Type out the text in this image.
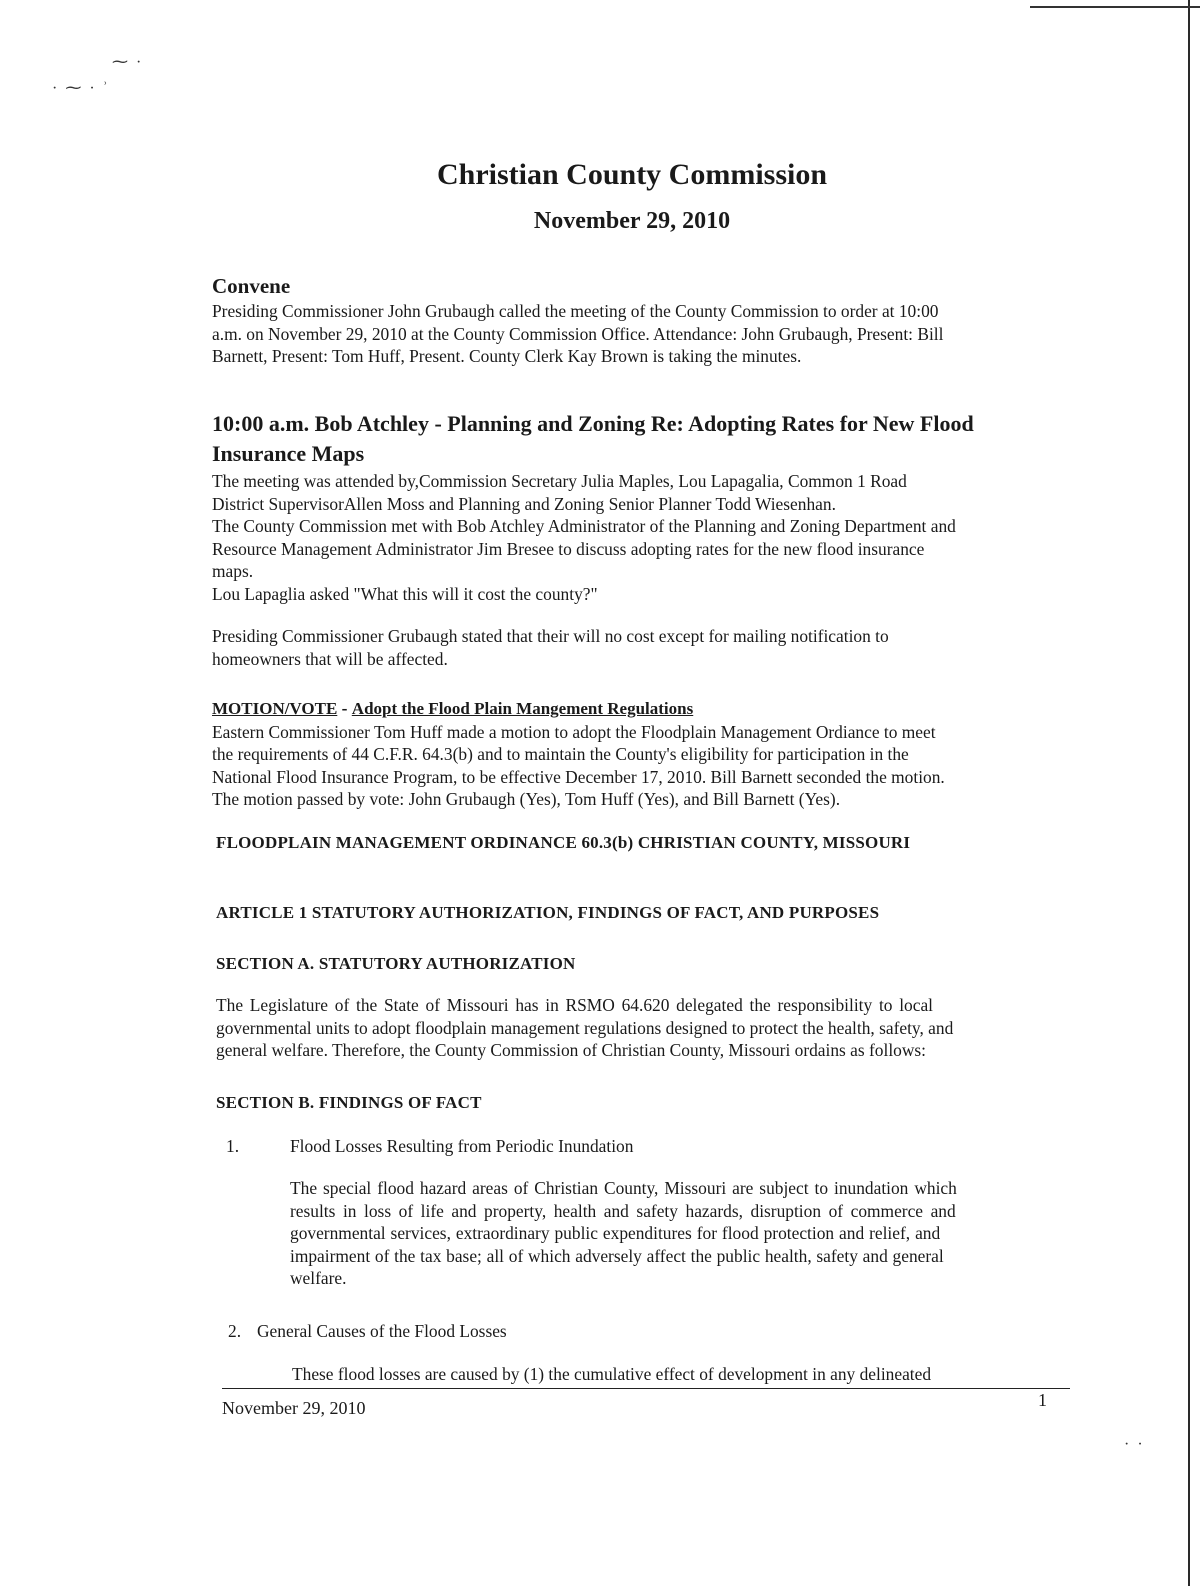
⁓ ·
· ⁓ · ʾ
· ·
Christian County Commission
November 29, 2010
Convene
Presiding Commissioner John Grubaugh called the meeting of the County Commission to order at 10:00
a.m. on November 29, 2010 at the County Commission Office. Attendance: John Grubaugh, Present: Bill
Barnett, Present: Tom Huff, Present. County Clerk Kay Brown is taking the minutes.
10:00 a.m. Bob Atchley - Planning and Zoning Re: Adopting Rates for New Flood
Insurance Maps
The meeting was attended by,Commission Secretary Julia Maples, Lou Lapagalia, Common 1 Road
District SupervisorAllen Moss and Planning and Zoning Senior Planner Todd Wiesenhan.
The County Commission met with Bob Atchley Administrator of the Planning and Zoning Department and
Resource Management Administrator Jim Bresee to discuss adopting rates for the new flood insurance
maps.
Lou Lapaglia asked "What this will it cost the county?"
Presiding Commissioner Grubaugh stated that their will no cost except for mailing notification to
homeowners that will be affected.
MOTION/VOTE - Adopt the Flood Plain Mangement Regulations
Eastern Commissioner Tom Huff made a motion to adopt the Floodplain Management Ordiance to meet
the requirements of 44 C.F.R. 64.3(b) and to maintain the County's eligibility for participation in the
National Flood Insurance Program, to be effective December 17, 2010. Bill Barnett seconded the motion.
The motion passed by vote: John Grubaugh (Yes), Tom Huff (Yes), and Bill Barnett (Yes).
FLOODPLAIN MANAGEMENT ORDINANCE 60.3(b) CHRISTIAN COUNTY, MISSOURI
ARTICLE 1 STATUTORY AUTHORIZATION, FINDINGS OF FACT, AND PURPOSES
SECTION A. STATUTORY AUTHORIZATION
The Legislature of the State of Missouri has in RSMO 64.620 delegated the responsibility to local
governmental units to adopt floodplain management regulations designed to protect the health, safety, and
general welfare. Therefore, the County Commission of Christian County, Missouri ordains as follows:
SECTION B. FINDINGS OF FACT
1.	Flood Losses Resulting from Periodic Inundation
The special flood hazard areas of Christian County, Missouri are subject to inundation which
results in loss of life and property, health and safety hazards, disruption of commerce and
governmental services, extraordinary public expenditures for flood protection and relief, and
impairment of the tax base; all of which adversely affect the public health, safety and general
welfare.
2. General Causes of the Flood Losses
These flood losses are caused by (1) the cumulative effect of development in any delineated
November 29, 2010	1
